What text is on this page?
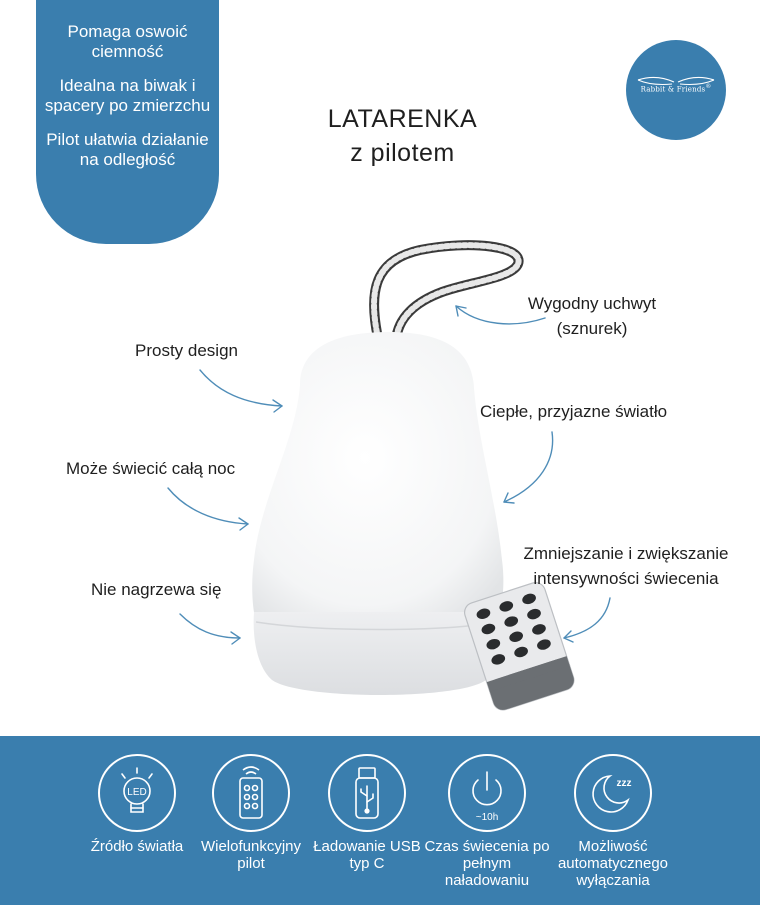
Pomaga oswoić ciemność

Idealna na biwak i spacery po zmierzchu

Pilot ułatwia działanie na odległość

Rabbit & Friends®
LATARENKA
z pilotem
Wygodny uchwyt (sznurek)
Prosty design
Ciepłe, przyjazne światło
Może świecić całą noc
Zmniejszanie i zwiększanie intensywności świecenia
Nie nagrzewa się
LED
Źródło światła	Wielofunkcyjny pilot
Ładowanie USB typ C
~10h
Czas świecenia po pełnym naładowaniu
zzz
Możliwość automatycznego wyłączania
